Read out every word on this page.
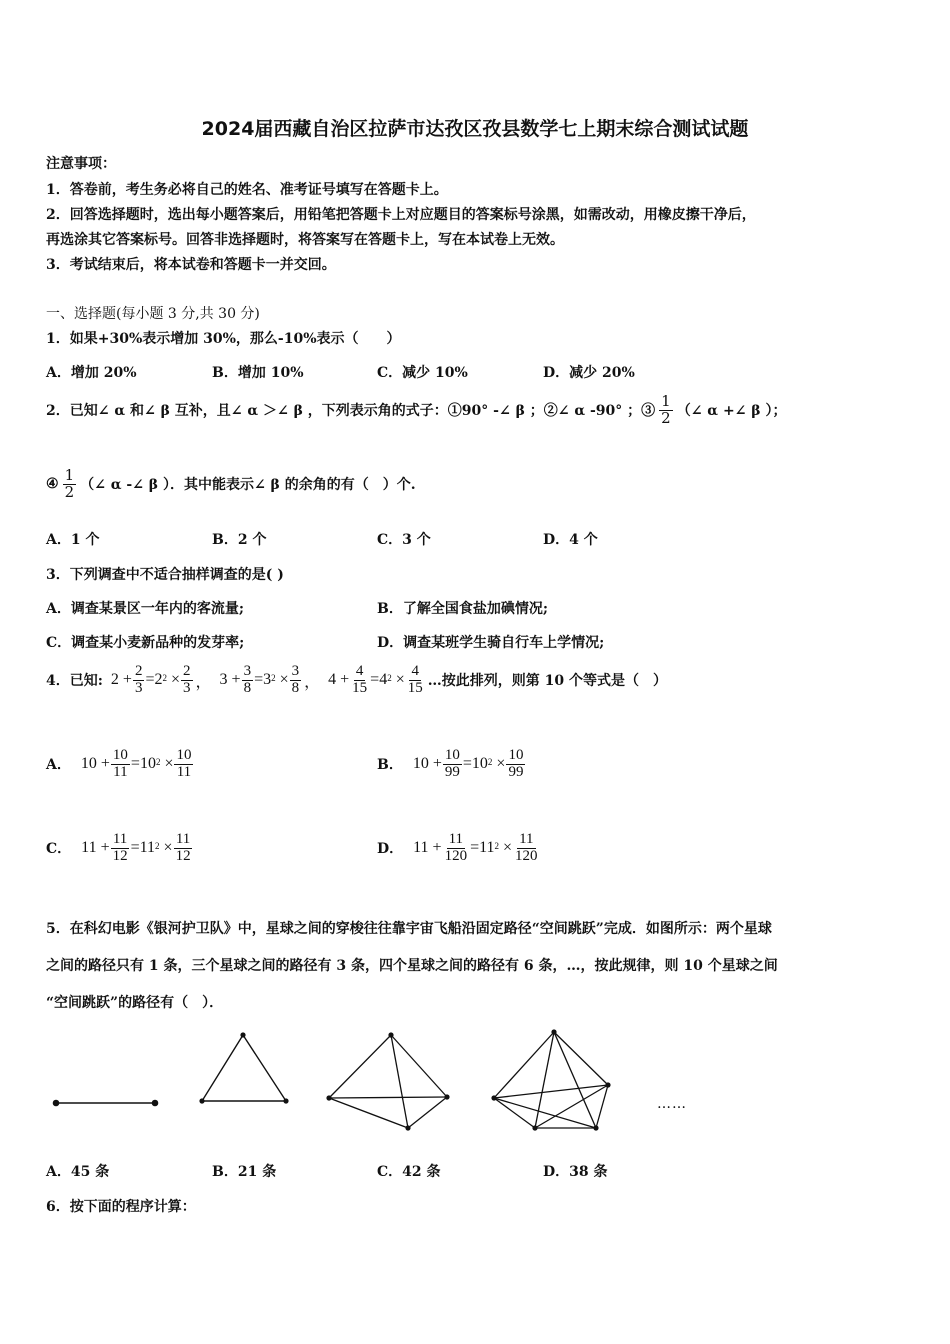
2024届西藏自治区拉萨市达孜区孜县数学七上期末综合测试试题
注意事项：
1．答卷前，考生务必将自己的姓名、准考证号填写在答题卡上。
2．回答选择题时，选出每小题答案后，用铅笔把答题卡上对应题目的答案标号涂黑，如需改动，用橡皮擦干净后，
再选涂其它答案标号。回答非选择题时，将答案写在答题卡上，写在本试卷上无效。
3．考试结束后，将本试卷和答题卡一并交回。
一、选择题(每小题 3 分,共 30 分)
1．如果+30%表示增加 30%，那么-10%表示（　　）
A．增加 20%	B．增加 10%	C．减少 10%	D．减少 20%
2．已知∠ α 和∠ β 互补，且∠ α ＞∠ β ，下列表示角的式子：①90° -∠ β ；②∠ α -90° ；③ $\frac{1}{2}$ （∠ α +∠ β ）；
④ $\frac{1}{2}$ （∠ α -∠ β ）．其中能表示∠ β 的余角的有（　）个.
A．1 个	B．2 个	C．3 个	D．4 个
3．下列调查中不适合抽样调查的是( )
A．调查某景区一年内的客流量;	B．了解全国食盐加碘情况;
C．调查某小麦新品种的发芽率;	D．调查某班学生骑自行车上学情况;
4．已知: $2 + \frac{2}{3} = 2^2 \times \frac{2}{3}$ ， $3 + \frac{3}{8} = 3^2 \times \frac{3}{8}$ ， $4 + \frac{4}{15} = 4^2 \times \frac{4}{15}$ …按此排列，则第 10 个等式是（　）
A． $10 + \frac{10}{11} = 10^2 \times \frac{10}{11}$	B． $10 + \frac{10}{99} = 10^2 \times \frac{10}{99}$
C． $11 + \frac{11}{12} = 11^2 \times \frac{11}{12}$	D． $11 + \frac{11}{120} = 11^2 \times \frac{11}{120}$
5．在科幻电影《银河护卫队》中，星球之间的穿梭往往靠宇宙飞船沿固定路径“空间跳跃”完成．如图所示：两个星球
之间的路径只有 1 条，三个星球之间的路径有 3 条，四个星球之间的路径有 6 条，…，按此规律，则 10 个星球之间
“空间跳跃”的路径有（　）．
……
A．45 条	B．21 条	C．42 条	D．38 条
6．按下面的程序计算：
